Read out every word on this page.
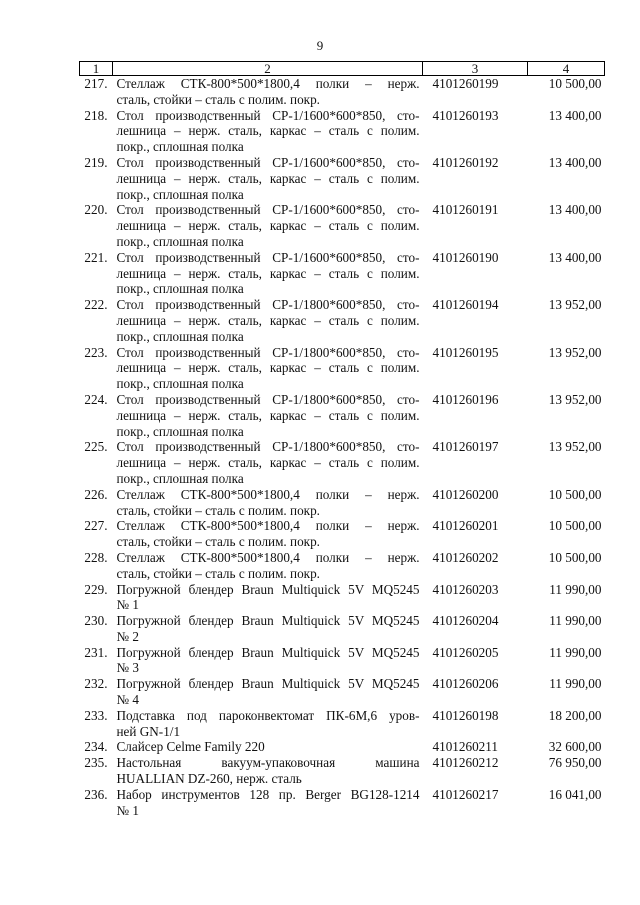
9
1	2	3	4
217.	Стеллаж СТК-800*500*1800,4 полки – нерж.
сталь, стойки – сталь с полим. покр.	4101260199	10 500,00
218.	Стол производственный СР-1/1600*600*850, сто-
лешница – нерж. сталь, каркас – сталь с полим.
покр., сплошная полка	4101260193	13 400,00
219.	Стол производственный СР-1/1600*600*850, сто-
лешница – нерж. сталь, каркас – сталь с полим.
покр., сплошная полка	4101260192	13 400,00
220.	Стол производственный СР-1/1600*600*850, сто-
лешница – нерж. сталь, каркас – сталь с полим.
покр., сплошная полка	4101260191	13 400,00
221.	Стол производственный СР-1/1600*600*850, сто-
лешница – нерж. сталь, каркас – сталь с полим.
покр., сплошная полка	4101260190	13 400,00
222.	Стол производственный СР-1/1800*600*850, сто-
лешница – нерж. сталь, каркас – сталь с полим.
покр., сплошная полка	4101260194	13 952,00
223.	Стол производственный СР-1/1800*600*850, сто-
лешница – нерж. сталь, каркас – сталь с полим.
покр., сплошная полка	4101260195	13 952,00
224.	Стол производственный СР-1/1800*600*850, сто-
лешница – нерж. сталь, каркас – сталь с полим.
покр., сплошная полка	4101260196	13 952,00
225.	Стол производственный СР-1/1800*600*850, сто-
лешница – нерж. сталь, каркас – сталь с полим.
покр., сплошная полка	4101260197	13 952,00
226.	Стеллаж СТК-800*500*1800,4 полки – нерж.
сталь, стойки – сталь с полим. покр.	4101260200	10 500,00
227.	Стеллаж СТК-800*500*1800,4 полки – нерж.
сталь, стойки – сталь с полим. покр.	4101260201	10 500,00
228.	Стеллаж СТК-800*500*1800,4 полки – нерж.
сталь, стойки – сталь с полим. покр.	4101260202	10 500,00
229.	Погружной блендер Braun Multiquick 5V MQ5245
№ 1	4101260203	11 990,00
230.	Погружной блендер Braun Multiquick 5V MQ5245
№ 2	4101260204	11 990,00
231.	Погружной блендер Braun Multiquick 5V MQ5245
№ 3	4101260205	11 990,00
232.	Погружной блендер Braun Multiquick 5V MQ5245
№ 4	4101260206	11 990,00
233.	Подставка под пароконвектомат ПК-6М,6 уров-
ней GN-1/1	4101260198	18 200,00
234.	Слайсер Celme Family 220	4101260211	32 600,00
235.	Настольная вакуум-упаковочная машина
HUALLIAN DZ-260, нерж. сталь	4101260212	76 950,00
236.	Набор инструментов 128 пр. Berger BG128-1214
№ 1	4101260217	16 041,00
